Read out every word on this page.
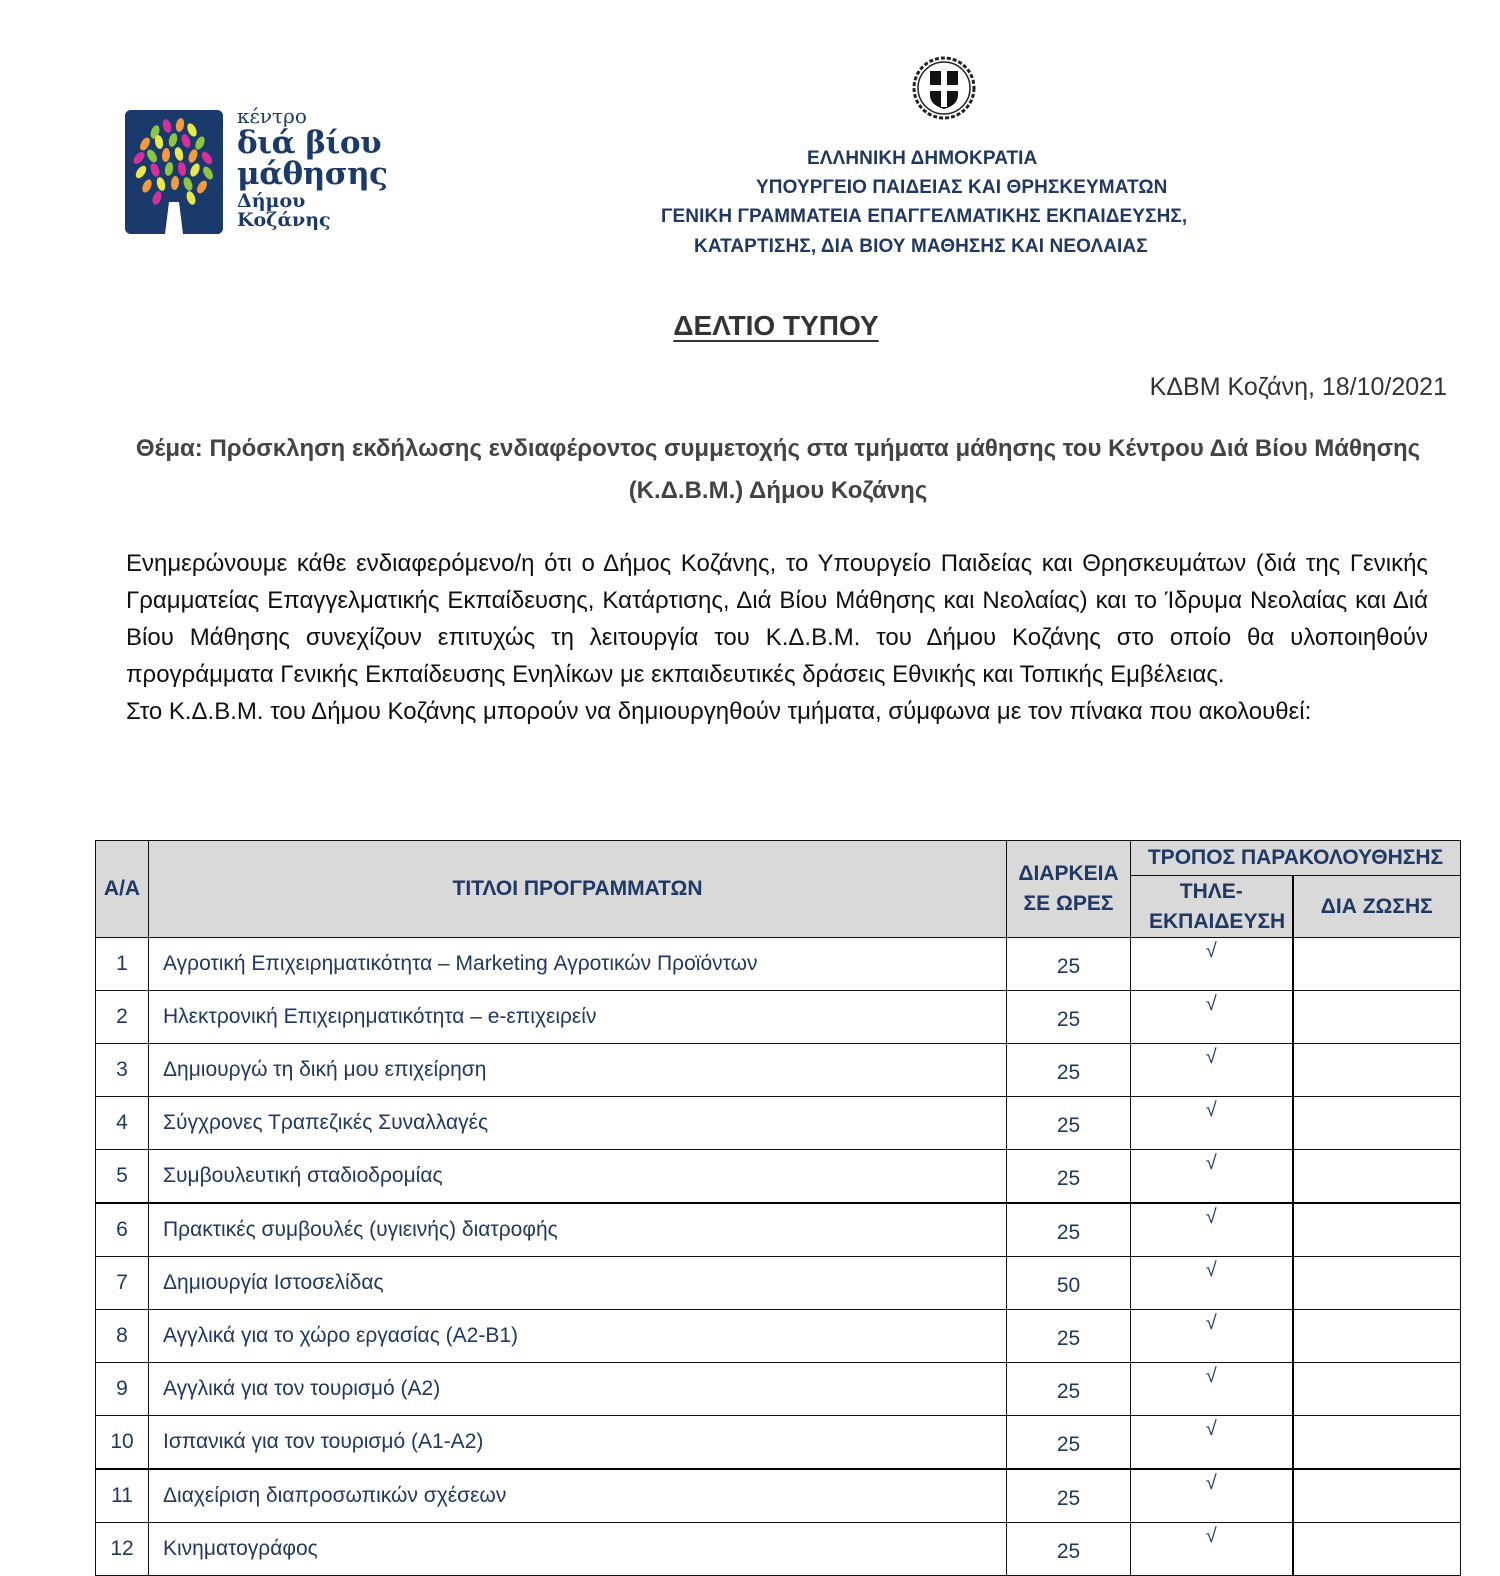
κέντρο
διά βίου
μάθησης
Δήμου Κοζάνης
ΕΛΛΗΝΙΚΗ ΔΗΜΟΚΡΑΤΙΑ
ΥΠΟΥΡΓΕΙΟ ΠΑΙΔΕΙΑΣ ΚΑΙ ΘΡΗΣΚΕΥΜΑΤΩΝ
ΓΕΝΙΚΗ ΓΡΑΜΜΑΤΕΙΑ ΕΠΑΓΓΕΛΜΑΤΙΚΗΣ ΕΚΠΑΙΔΕΥΣΗΣ,
ΚΑΤΑΡΤΙΣΗΣ, ΔΙΑ ΒΙΟΥ ΜΑΘΗΣΗΣ ΚΑΙ ΝΕΟΛΑΙΑΣ
ΔΕΛΤΙΟ ΤΥΠΟΥ
ΚΔΒΜ Κοζάνη, 18/10/2021
Θέμα: Πρόσκληση εκδήλωσης ενδιαφέροντος συμμετοχής στα τμήματα μάθησης του Κέντρου Διά Βίου Μάθησης (Κ.Δ.Β.Μ.) Δήμου Κοζάνης

Ενημερώνουμε κάθε ενδιαφερόμενο/η ότι ο Δήμος Κοζάνης, το Υπουργείο Παιδείας και Θρησκευμάτων (διά της Γενικής Γραμματείας Επαγγελματικής Εκπαίδευσης, Κατάρτισης, Διά Βίου Μάθησης και Νεολαίας) και το Ίδρυμα Νεολαίας και Διά Βίου Μάθησης συνεχίζουν επιτυχώς τη λειτουργία του Κ.Δ.Β.Μ. του Δήμου Κοζάνης στο οποίο θα υλοποιηθούν προγράμματα Γενικής Εκπαίδευσης Ενηλίκων με εκπαιδευτικές δράσεις Εθνικής και Τοπικής Εμβέλειας.

Στο Κ.Δ.Β.Μ. του Δήμου Κοζάνης μπορούν να δημιουργηθούν τμήματα, σύμφωνα με τον πίνακα που ακολουθεί:

Α/Α	ΤΙΤΛΟΙ ΠΡΟΓΡΑΜΜΑΤΩΝ	ΔΙΑΡΚΕΙΑ ΣΕ ΩΡΕΣ	ΤΡΟΠΟΣ ΠΑΡΑΚΟΛΟΥΘΗΣΗΣ	
			ΤΗΛΕ-ΕΚΠΑΙΔΕΥΣΗ	ΔΙΑ ΖΩΣΗΣ
1	Αγροτική Επιχειρηματικότητα – Marketing Αγροτικών Προϊόντων	25	√	
2	Ηλεκτρονική Επιχειρηματικότητα – e-επιχειρείν	25	√	
3	Δημιουργώ τη δική μου επιχείρηση	25	√	
4	Σύγχρονες Τραπεζικές Συναλλαγές	25	√	
5	Συμβουλευτική σταδιοδρομίας	25	√	
6	Πρακτικές συμβουλές (υγιεινής) διατροφής	25	√	
7	Δημιουργία Ιστοσελίδας	50	√	
8	Αγγλικά για το χώρο εργασίας (Α2-Β1)	25	√	
9	Αγγλικά για τον τουρισμό (Α2)	25	√	
10	Ισπανικά για τον τουρισμό (Α1-Α2)	25	√	
11	Διαχείριση διαπροσωπικών σχέσεων	25	√	
12	Κινηματογράφος	25	√	
